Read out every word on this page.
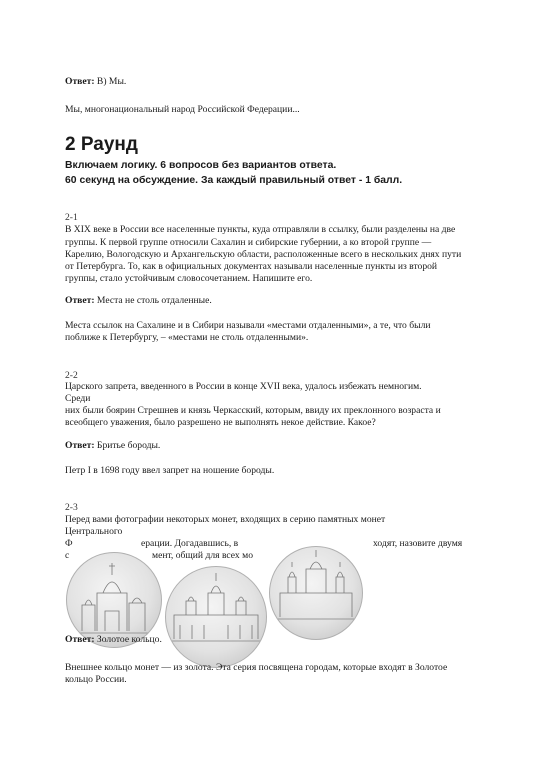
Ответ: В) Мы.
Мы, многонациональный народ Российской Федерации...
2 Раунд
Включаем логику. 6 вопросов без вариантов ответа.
60 секунд на обсуждение. За каждый правильный ответ - 1 балл.
2-1
В XIX веке в России все населенные пункты, куда отправляли в ссылку, были разделены на две
группы. К первой группе относили Сахалин и сибирские губернии, а ко второй группе —
Карелию, Вологодскую и Архангельскую области, расположенные всего в нескольких днях пути
от Петербурга. То, как в официальных документах называли населенные пункты из второй
группы, стало устойчивым словосочетанием. Напишите его.
Ответ: Места не столь отдаленные.
Места ссылок на Сахалине и в Сибири называли «местами отдаленными», а те, что были
поближе к Петербургу, – «местами не столь отдаленными».
2-2
Царского запрета, введенного в России в конце XVII века, удалось избежать немногим.
Среди
них были боярин Стрешнев и князь Черкасский, которым, ввиду их преклонного возраста и
всеобщего уважения, было разрешено не выполнять некое действие. Какое?
Ответ: Бритье бороды.
Петр I в 1698 году ввел запрет на ношение бороды.
2-3
Перед вами фотографии некоторых монет, входящих в серию памятных монет
Центрального
Ф	ерации. Догадавшись, в	ходят, назовите двумя
с	мент, общий для всех мо
Ответ: Золотое кольцо.
Внешнее кольцо монет — из золота. Эта серия посвящена городам, которые входят в Золотое
кольцо России.
